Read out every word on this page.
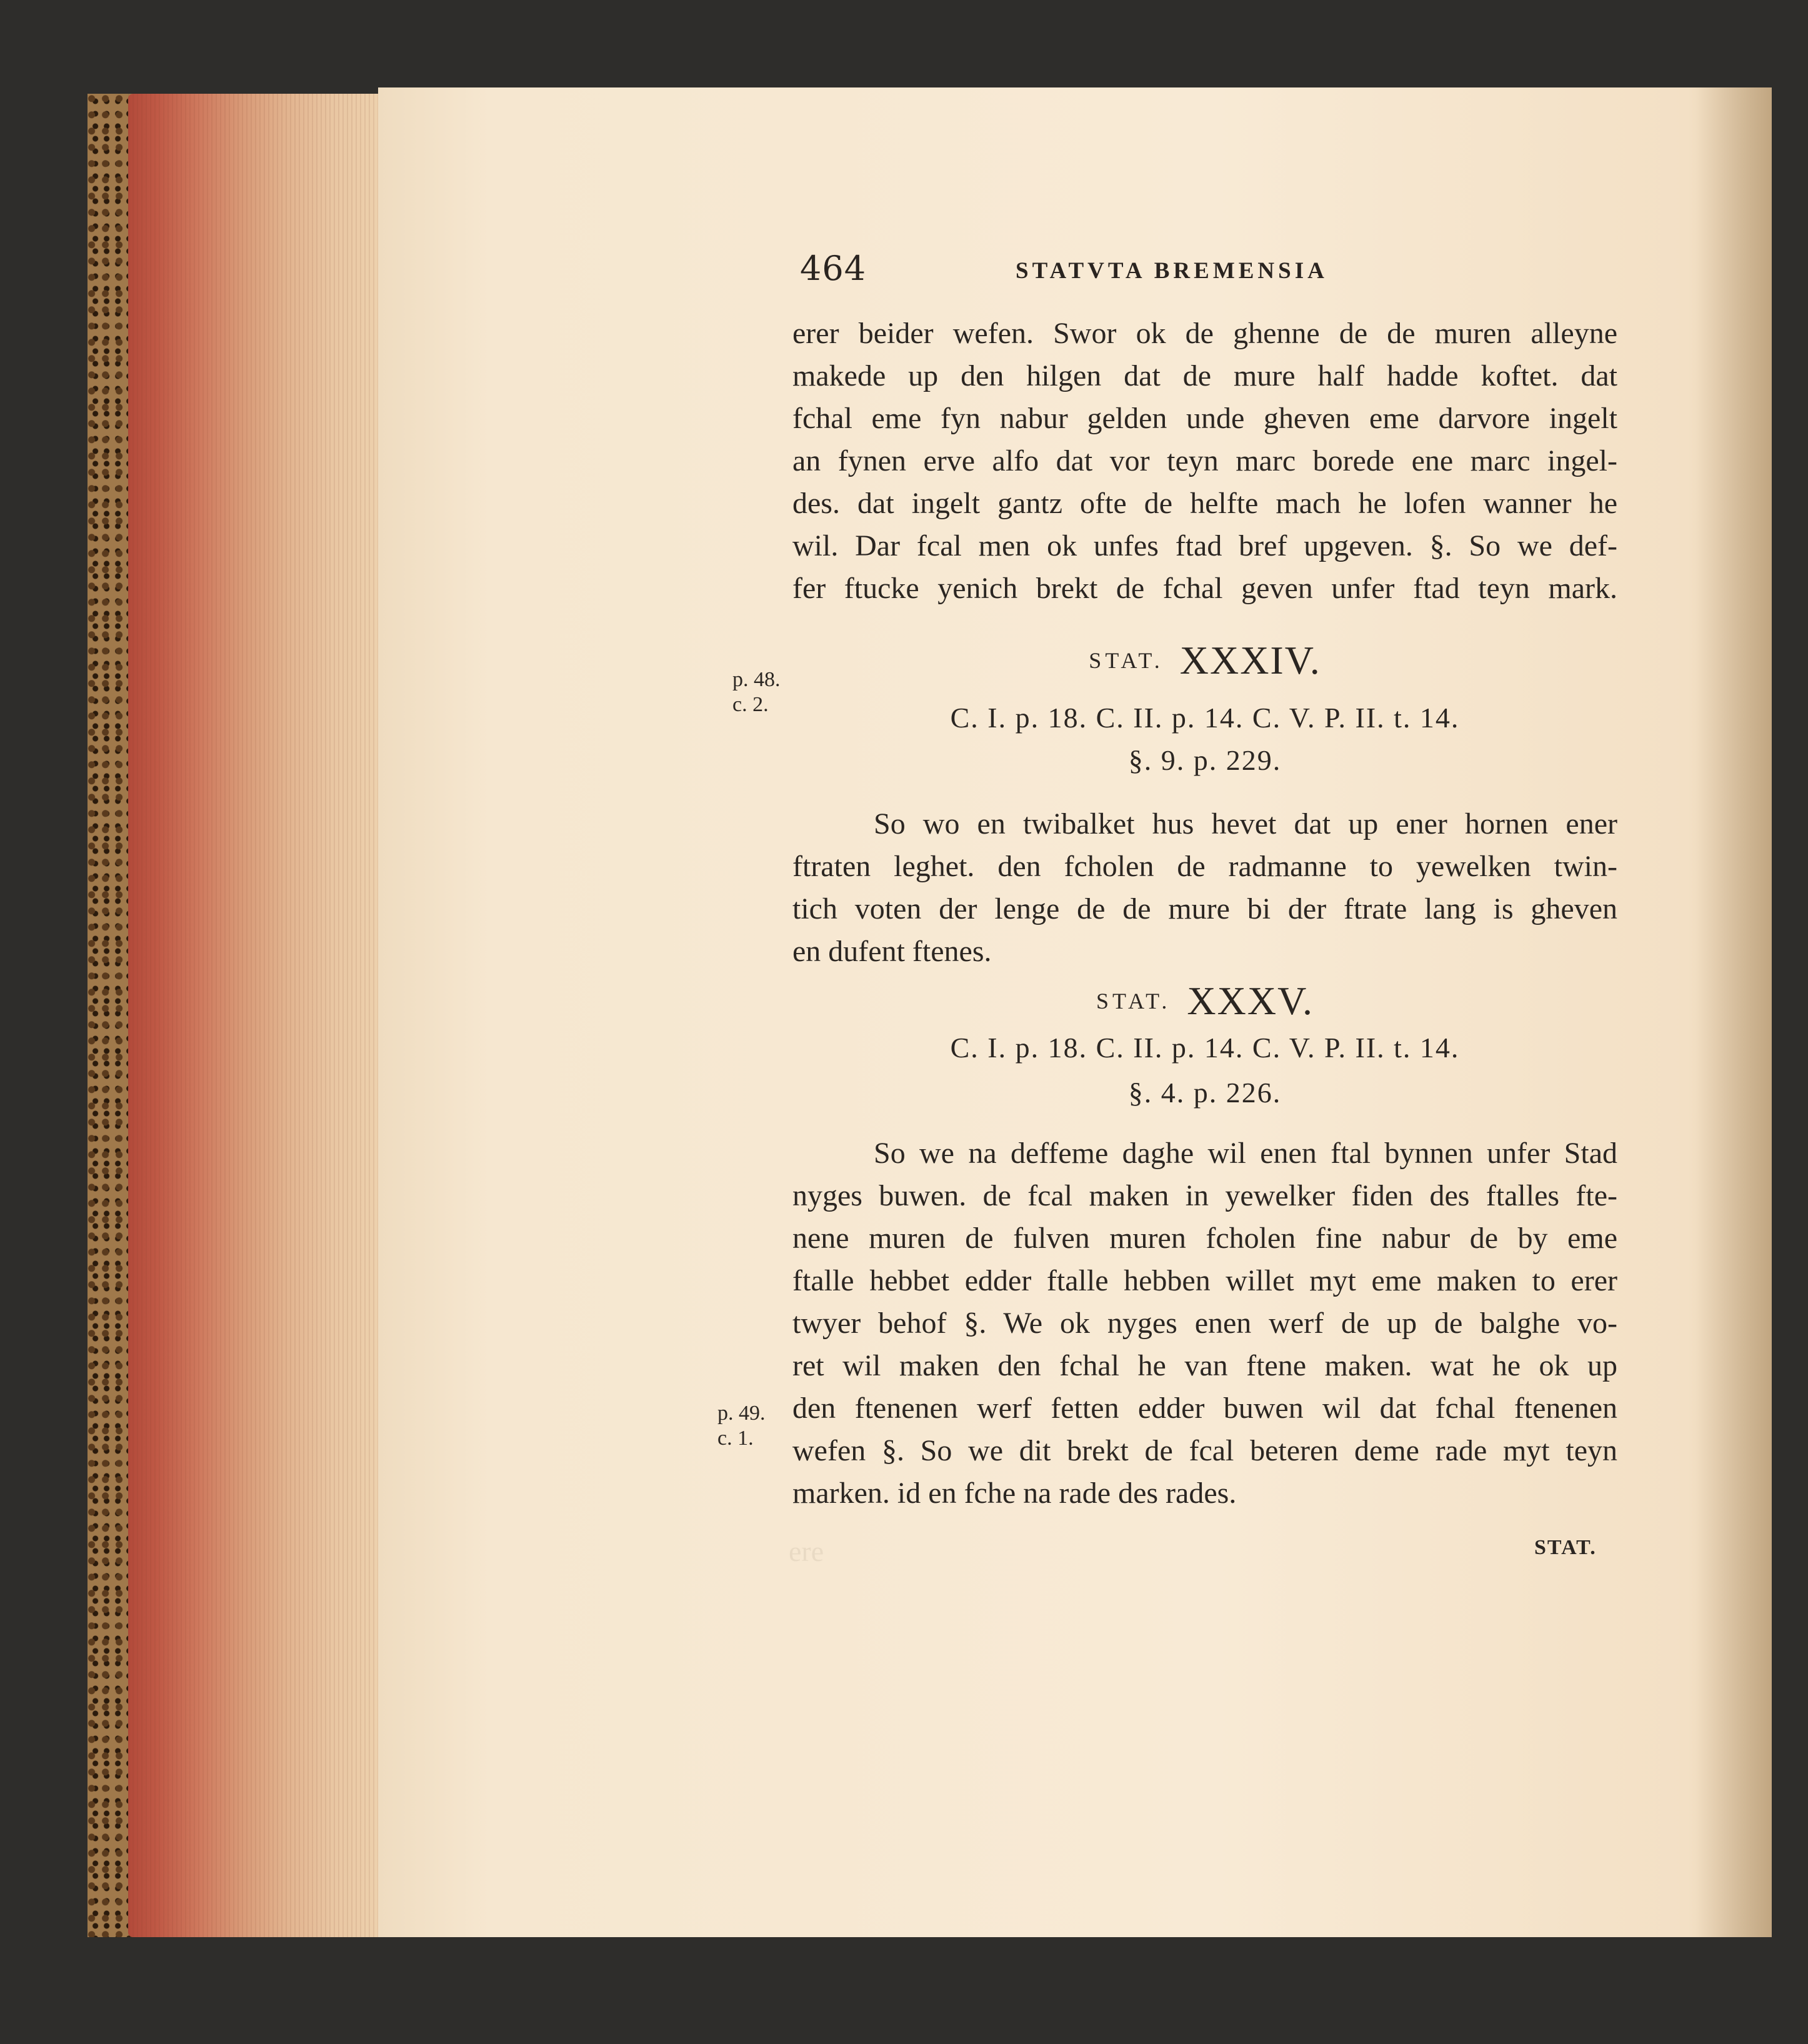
464	STATVTA BREMENSIA
erer beider wefen. Swor ok de ghenne de de muren alleyne
makede up den hilgen dat de mure half hadde koftet. dat
fchal eme fyn nabur gelden unde gheven eme darvore ingelt
an fynen erve alfo dat vor teyn marc borede ene marc ingel-
des. dat ingelt gantz ofte de helfte mach he lofen wanner he
wil. Dar fcal men ok unfes ftad bref upgeven. §. So we def-
fer ftucke yenich brekt de fchal geven unfer ftad teyn mark.
STAT. XXXIV.
C. I. p. 18. C. II. p. 14. C. V. P. II. t. 14.
§. 9. p. 229.
p. 48.
c. 2.
So wo en twibalket hus hevet dat up ener hornen ener
ftraten leghet. den fcholen de radmanne to yewelken twin-
tich voten der lenge de de mure bi der ftrate lang is gheven
en dufent ftenes.
STAT. XXXV.
C. I. p. 18. C. II. p. 14. C. V. P. II. t. 14.
§. 4. p. 226.
So we na deffeme daghe wil enen ftal bynnen unfer Stad
nyges buwen. de fcal maken in yewelker fiden des ftalles fte-
nene muren de fulven muren fcholen fine nabur de by eme
ftalle hebbet edder ftalle hebben willet myt eme maken to erer
twyer behof §. We ok nyges enen werf de up de balghe vo-
ret wil maken den fchal he van ftene maken. wat he ok up
den ftenenen werf fetten edder buwen wil dat fchal ftenenen
wefen §. So we dit brekt de fcal beteren deme rade myt teyn
marken. id en fche na rade des rades.
p. 49.
c. 1.
ere	STAT.
